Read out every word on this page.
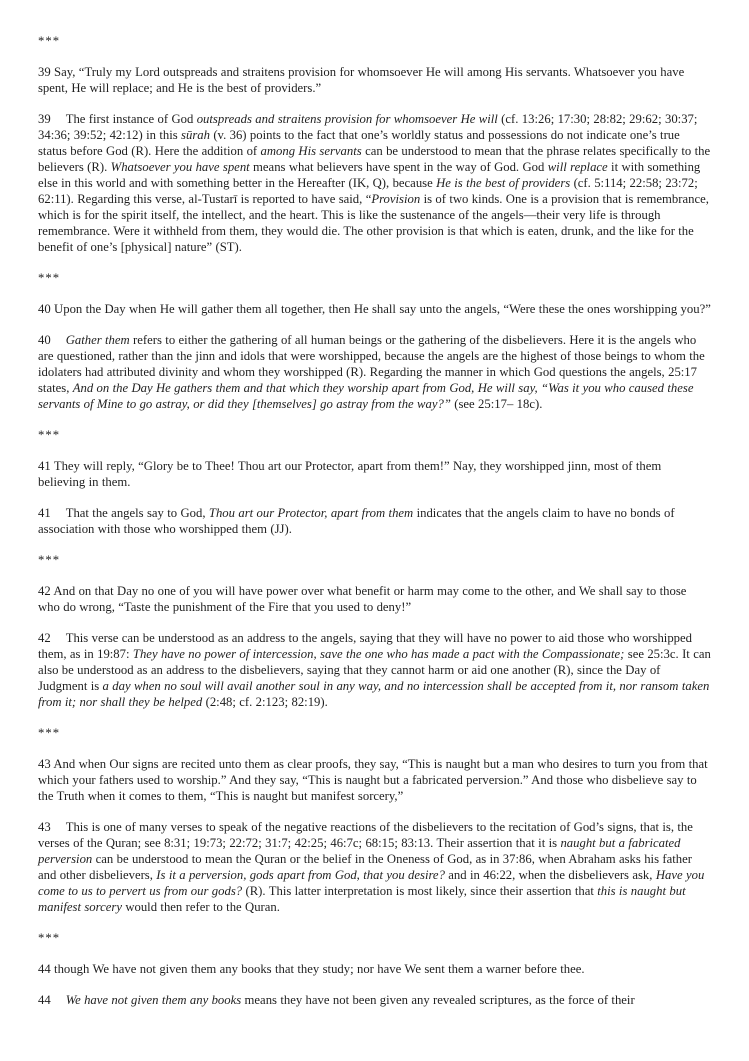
***

39 Say, “Truly my Lord outspreads and straitens provision for whomsoever He will among His servants. Whatsoever you have spent, He will replace; and He is the best of providers.”

39 The first instance of God outspreads and straitens provision for whomsoever He will (cf. 13:26; 17:30; 28:82; 29:62; 30:37; 34:36; 39:52; 42:12) in this sūrah (v. 36) points to the fact that one’s worldly status and possessions do not indicate one’s true status before God (R). Here the addition of among His servants can be understood to mean that the phrase relates specifically to the believers (R). Whatsoever you have spent means what believers have spent in the way of God. God will replace it with something else in this world and with something better in the Hereafter (IK, Q), because He is the best of providers (cf. 5:114; 22:58; 23:72; 62:11). Regarding this verse, al-Tustarī is reported to have said, “Provision is of two kinds. One is a provision that is remembrance, which is for the spirit itself, the intellect, and the heart. This is like the sustenance of the angels—their very life is through remembrance. Were it withheld from them, they would die. The other provision is that which is eaten, drunk, and the like for the benefit of one’s [physical] nature” (ST).

***

40 Upon the Day when He will gather them all together, then He shall say unto the angels, “Were these the ones worshipping you?”

40 Gather them refers to either the gathering of all human beings or the gathering of the disbelievers. Here it is the angels who are questioned, rather than the jinn and idols that were worshipped, because the angels are the highest of those beings to whom the idolaters had attributed divinity and whom they worshipped (R). Regarding the manner in which God questions the angels, 25:17 states, And on the Day He gathers them and that which they worship apart from God, He will say, “Was it you who caused these servants of Mine to go astray, or did they [themselves] go astray from the way?” (see 25:17– 18c).

***

41 They will reply, “Glory be to Thee! Thou art our Protector, apart from them!” Nay, they worshipped jinn, most of them believing in them.

41 That the angels say to God, Thou art our Protector, apart from them indicates that the angels claim to have no bonds of association with those who worshipped them (JJ).

***

42 And on that Day no one of you will have power over what benefit or harm may come to the other, and We shall say to those who do wrong, “Taste the punishment of the Fire that you used to deny!”

42 This verse can be understood as an address to the angels, saying that they will have no power to aid those who worshipped them, as in 19:87: They have no power of intercession, save the one who has made a pact with the Compassionate; see 25:3c. It can also be understood as an address to the disbelievers, saying that they cannot harm or aid one another (R), since the Day of Judgment is a day when no soul will avail another soul in any way, and no intercession shall be accepted from it, nor ransom taken from it; nor shall they be helped (2:48; cf. 2:123; 82:19).

***

43 And when Our signs are recited unto them as clear proofs, they say, “This is naught but a man who desires to turn you from that which your fathers used to worship.” And they say, “This is naught but a fabricated perversion.” And those who disbelieve say to the Truth when it comes to them, “This is naught but manifest sorcery,”

43 This is one of many verses to speak of the negative reactions of the disbelievers to the recitation of God’s signs, that is, the verses of the Quran; see 8:31; 19:73; 22:72; 31:7; 42:25; 46:7c; 68:15; 83:13. Their assertion that it is naught but a fabricated perversion can be understood to mean the Quran or the belief in the Oneness of God, as in 37:86, when Abraham asks his father and other disbelievers, Is it a perversion, gods apart from God, that you desire? and in 46:22, when the disbelievers ask, Have you come to us to pervert us from our gods? (R). This latter interpretation is most likely, since their assertion that this is naught but manifest sorcery would then refer to the Quran.

***

44 though We have not given them any books that they study; nor have We sent them a warner before thee.

44 We have not given them any books means they have not been given any revealed scriptures, as the force of their
